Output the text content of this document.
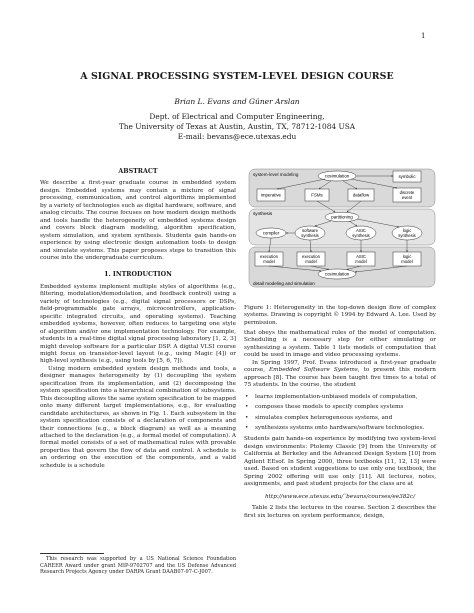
1
A SIGNAL PROCESSING SYSTEM-LEVEL DESIGN COURSE
Brian L. Evans and Güner Arslan
Dept. of Electrical and Computer Engineering,
The University of Texas at Austin, Austin, TX, 78712-1084 USA
E-mail: bevans@ece.utexas.edu
ABSTRACT

We describe a first-year graduate course in embedded system design. Embedded systems may contain a mixture of signal processing, communication, and control algorithms implemented by a variety of technologies such as digital hardware, software, and analog circuits. The course focuses on how modern design methods and tools handle the heterogeneity of embedded systems design and covers block diagram modeling, algorithm specification, system simulation, and system synthesis. Students gain hands-on experience by using electronic design automation tools to design and simulate systems. This paper proposes steps to transition this course into the undergraduate curriculum.

1. INTRODUCTION

Embedded systems implement multiple styles of algorithms (e.g., filtering, modulation/demodulation, and feedback control) using a variety of technologies (e.g., digital signal processors or DSPs, field-programmable gate arrays, microcontrollers, application-specific integrated circuits, and operating systems). Teaching embedded systems, however, often reduces to targeting one style of algorithm and/or one implementation technology. For example, students in a real-time digital signal processing laboratory [1, 2, 3] might develop software for a particular DSP. A digital VLSI course might focus on transistor-level layout (e.g., using Magic [4]) or high-level synthesis (e.g., using tools by [5, 6, 7]).

Using modern embedded system design methods and tools, a designer manages heterogeneity by (1) decoupling the system specification from its implementation, and (2) decomposing the system specification into a hierarchical combination of subsystems. This decoupling allows the same system specification to be mapped onto many different target implementations, e.g., for evaluating candidate architectures, as shown in Fig. 1. Each subsystem in the system specification consists of a declaration of components and their connections (e.g., a block diagram) as well as a meaning attached to the declaration (e.g., a formal model of computation). A formal model consists of a set of mathematical rules with provable properties that govern the flow of data and control. A schedule is an ordering on the execution of the components, and a valid schedule is a schedule

This research was supported by a US National Science Foundation CAREER Award under grant MIP-9702707 and the US Defense Advanced Research Projects Agency under DARPA Grant DAAB07-97-C-J007.
system-level modeling	cosimulation	symbolic
imperative	FSMs	dataflow	discrete
event
synthesis
partitioning
compiler
software
synthesis
ASIC
synthesis
logic
synthesis
execution
model
execution
model
ASIC
model
logic
model
cosimulation
detail modeling and simulation
Figure 1: Heterogeneity in the top-down design flow of complex systems. Drawing is copyright © 1994 by Edward A. Lee. Used by permission.

that obeys the mathematical rules of the model of computation. Scheduling is a necessary step for either simulating or synthesizing a system. Table 1 lists models of computation that could be used in image and video processing systems.

In Spring 1997, Prof. Evans introduced a first-year graduate course, Embedded Software Systems, to present this modern approach [8]. The course has been taught five times to a total of 75 students. In the course, the student

• learns implementation-unbiased models of computation,
• composes these models to specify complex systems
• simulates complex heterogeneous systems, and
• synthesizes systems onto hardware/software technologies.

Students gain hands-on experience by modifying two system-level design environments: Ptolemy Classic [9] from the University of California at Berkeley and the Advanced Design System [10] from Agilent EEsof. In Spring 2000, three textbooks [11, 12, 13] were used. Based on student suggestions to use only one textbook, the Spring 2002 offering will use only [11]. All lectures, notes, assignments, and past student projects for the class are at

http://www.ece.utexas.edu/˜bevans/courses/ee382c/

Table 2 lists the lectures in the course. Section 2 describes the first six lectures on system performance, design,
